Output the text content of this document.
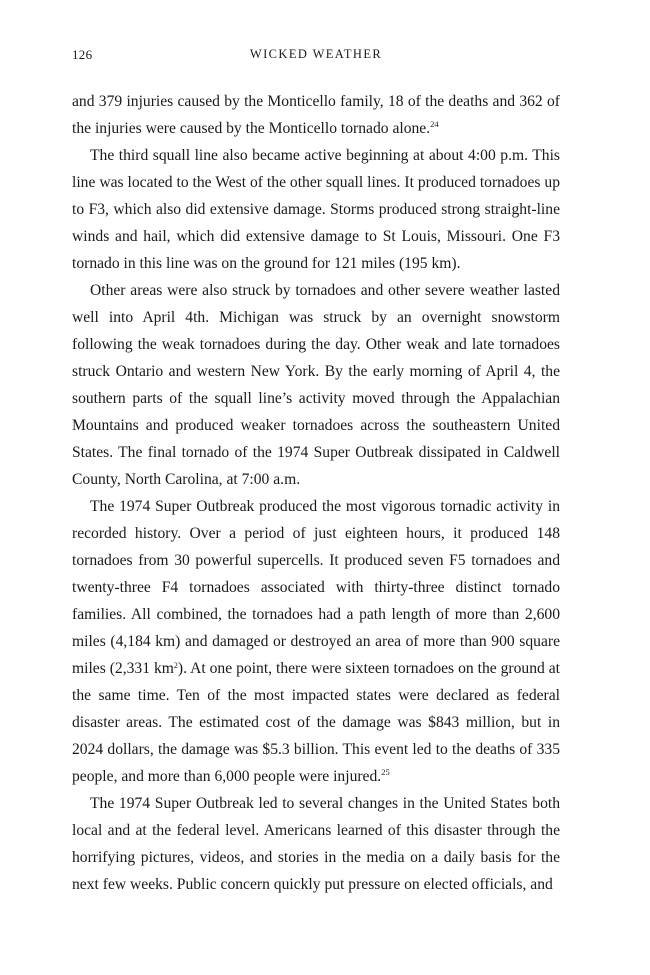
126	WICKED WEATHER

and 379 injuries caused by the Monticello family, 18 of the deaths and 362 of the injuries were caused by the Monticello tornado alone.$^{24}$

The third squall line also became active beginning at about 4:00 p.m. This line was located to the West of the other squall lines. It produced tornadoes up to F3, which also did extensive damage. Storms produced strong straight-line winds and hail, which did extensive damage to St Louis, Missouri. One F3 tornado in this line was on the ground for 121 miles (195 km).

Other areas were also struck by tornadoes and other severe weather lasted well into April 4th. Michigan was struck by an overnight snowstorm following the weak tornadoes during the day. Other weak and late tornadoes struck Ontario and western New York. By the early morning of April 4, the southern parts of the squall line’s activity moved through the Appalachian Mountains and produced weaker tornadoes across the southeastern United States. The final tornado of the 1974 Super Outbreak dissipated in Caldwell County, North Carolina, at 7:00 a.m.

The 1974 Super Outbreak produced the most vigorous tornadic activity in recorded history. Over a period of just eighteen hours, it produced 148 tornadoes from 30 powerful supercells. It produced seven F5 tornadoes and twenty-three F4 tornadoes associated with thirty-three distinct tornado families. All combined, the tornadoes had a path length of more than 2,600 miles (4,184 km) and damaged or destroyed an area of more than 900 square miles (2,331 $km^2$). At one point, there were sixteen tornadoes on the ground at the same time. Ten of the most impacted states were declared as federal disaster areas. The estimated cost of the damage was $843 million, but in 2024 dollars, the damage was $5.3 billion. This event led to the deaths of 335 people, and more than 6,000 people were injured.$^{25}$

The 1974 Super Outbreak led to several changes in the United States both local and at the federal level. Americans learned of this disaster through the horrifying pictures, videos, and stories in the media on a daily basis for the next few weeks. Public concern quickly put pressure on elected officials, and
